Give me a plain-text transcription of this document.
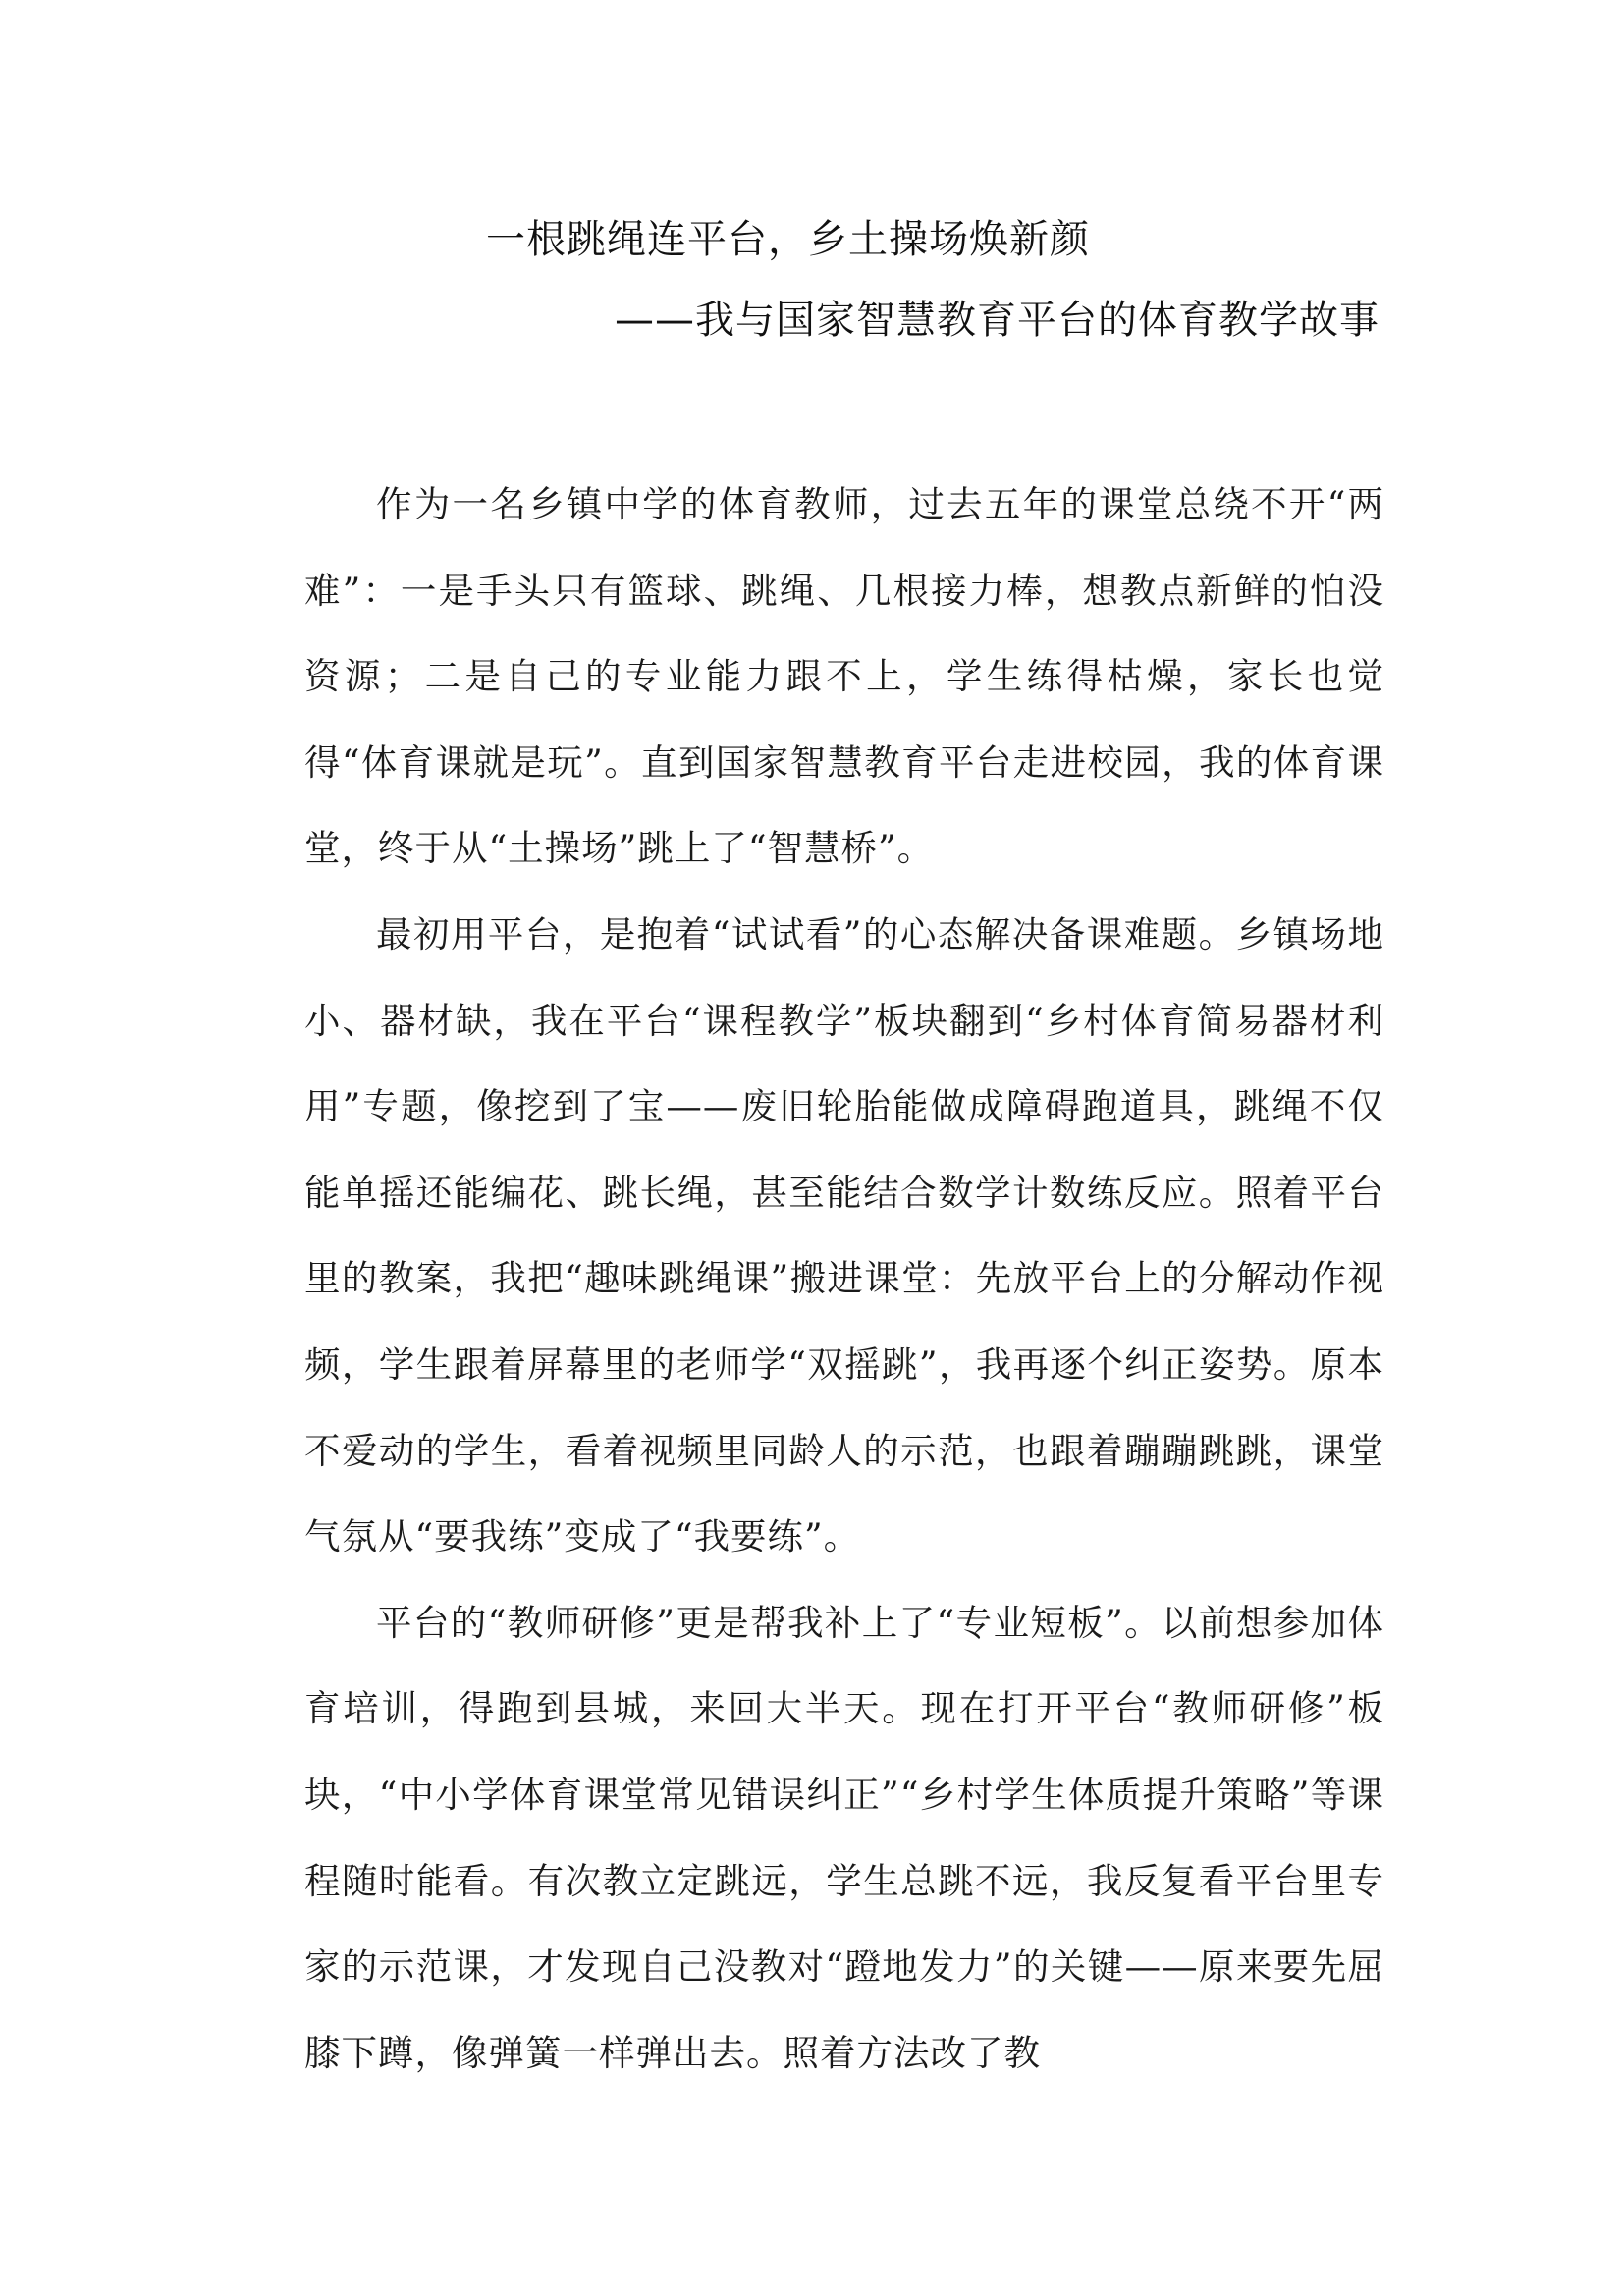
一根跳绳连平台，乡土操场焕新颜
——我与国家智慧教育平台的体育教学故事

作为一名乡镇中学的体育教师，过去五年的课堂总绕不开“两难”：一是手头只有篮球、跳绳、几根接力棒，想教点新鲜的怕没资源；二是自己的专业能力跟不上，学生练得枯燥，家长也觉得“体育课就是玩”。直到国家智慧教育平台走进校园，我的体育课堂，终于从“土操场”跳上了“智慧桥”。

最初用平台，是抱着“试试看”的心态解决备课难题。乡镇场地小、器材缺，我在平台“课程教学”板块翻到“乡村体育简易器材利用”专题，像挖到了宝——废旧轮胎能做成障碍跑道具，跳绳不仅能单摇还能编花、跳长绳，甚至能结合数学计数练反应。照着平台里的教案，我把“趣味跳绳课”搬进课堂：先放平台上的分解动作视频，学生跟着屏幕里的老师学“双摇跳”，我再逐个纠正姿势。原本不爱动的学生，看着视频里同龄人的示范，也跟着蹦蹦跳跳，课堂气氛从“要我练”变成了“我要练”。

平台的“教师研修”更是帮我补上了“专业短板”。以前想参加体育培训，得跑到县城，来回大半天。现在打开平台“教师研修”板块，“中小学体育课堂常见错误纠正”“乡村学生体质提升策略”等课程随时能看。有次教立定跳远，学生总跳不远，我反复看平台里专家的示范课，才发现自己没教对“蹬地发力”的关键——原来要先屈膝下蹲，像弹簧一样弹出去。照着方法改了教
